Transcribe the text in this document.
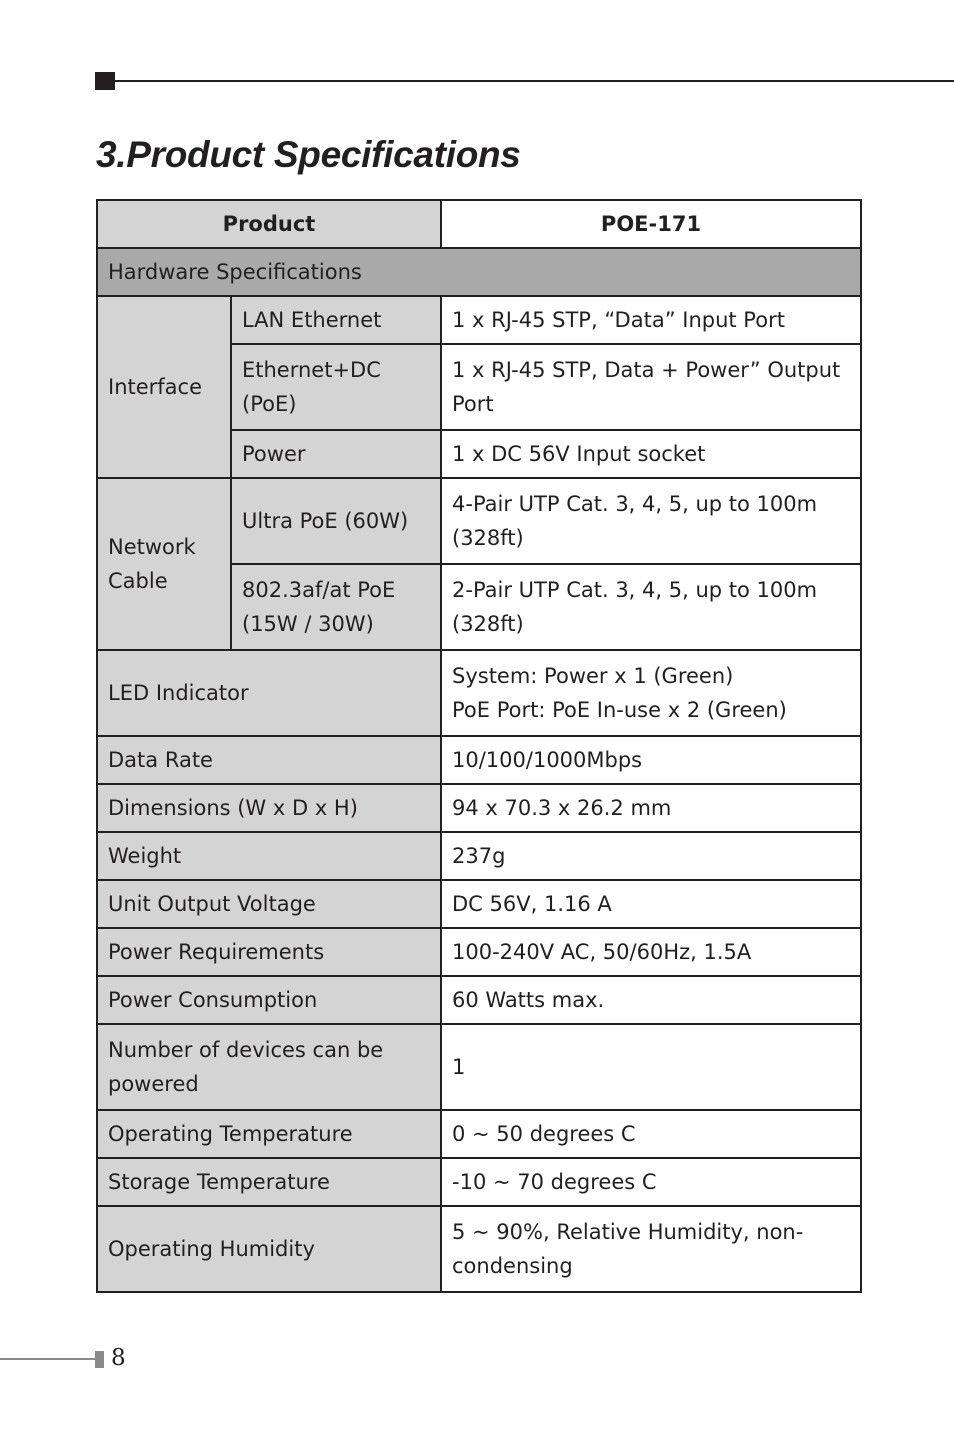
3.Product Specifications
Product		POE-171
Hardware Specifications		
Interface	LAN Ethernet	1 x RJ-45 STP, “Data” Input Port
	Ethernet+DC (PoE)	1 x RJ-45 STP, Data + Power” Output Port
	Power	1 x DC 56V Input socket
Network Cable	Ultra PoE (60W)	4-Pair UTP Cat. 3, 4, 5, up to 100m (328ft)
	802.3af/at PoE (15W / 30W)	2-Pair UTP Cat. 3, 4, 5, up to 100m (328ft)
LED Indicator		System: Power x 1 (Green)
PoE Port: PoE In-use x 2 (Green)

Data Rate		10/100/1000Mbps
Dimensions (W x D x H)		94 x 70.3 x 26.2 mm
Weight		237g
Unit Output Voltage		DC 56V, 1.16 A
Power Requirements		100-240V AC, 50/60Hz, 1.5A
Power Consumption		60 Watts max.
Number of devices can be powered		1
Operating Temperature		0 ~ 50 degrees C
Storage Temperature		-10 ~ 70 degrees C
Operating Humidity		5 ~ 90%, Relative Humidity, non-condensing
8
